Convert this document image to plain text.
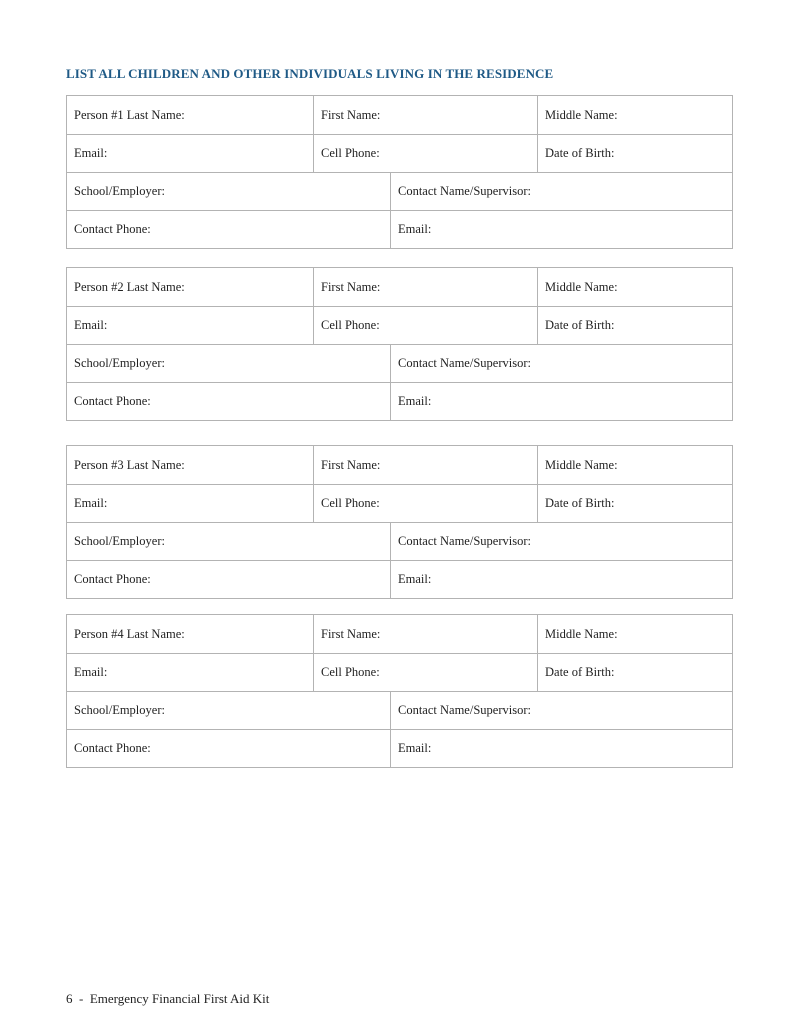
LIST ALL CHILDREN AND OTHER INDIVIDUALS LIVING IN THE RESIDENCE
Person #1 Last Name:	First Name:	Middle Name:
Email:	Cell Phone:	Date of Birth:
School/Employer:	Contact Name/Supervisor:
Contact Phone:	Email:
Person #2 Last Name:	First Name:	Middle Name:
Email:	Cell Phone:	Date of Birth:
School/Employer:	Contact Name/Supervisor:
Contact Phone:	Email:
Person #3 Last Name:	First Name:	Middle Name:
Email:	Cell Phone:	Date of Birth:
School/Employer:	Contact Name/Supervisor:
Contact Phone:	Email:
Person #4 Last Name:	First Name:	Middle Name:
Email:	Cell Phone:	Date of Birth:
School/Employer:	Contact Name/Supervisor:
Contact Phone:	Email:
6  -  Emergency Financial First Aid Kit
